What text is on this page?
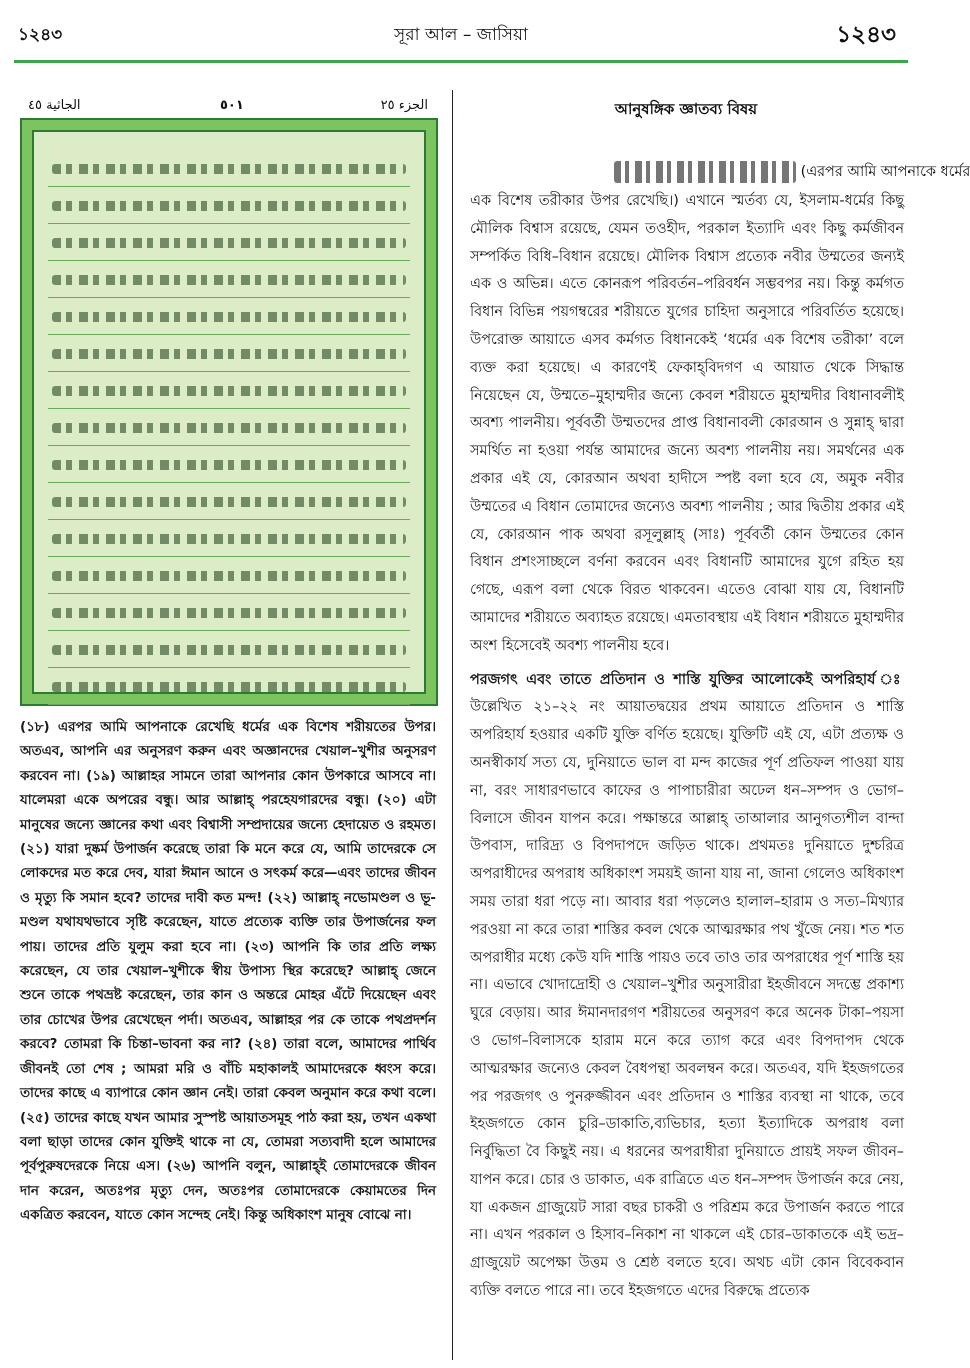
১২৪৩	সূরা আল – জাসিয়া	১২৪৩
الجاثية ٤٥	٥٠١	الجزء ٢٥
(১৮) এরপর আমি আপনাকে রেখেছি ধর্মের এক বিশেষ শরীয়তের উপর। অতএব, আপনি এর অনুসরণ করুন এবং অজ্ঞানদের খেয়াল–খুশীর অনুসরণ করবেন না। (১৯) আল্লাহর সামনে তারা আপনার কোন উপকারে আসবে না। যালেমরা একে অপরের বন্ধু। আর আল্লাহ্ পরহেযগারদের বন্ধু। (২০) এটা মানুষের জন্যে জ্ঞানের কথা এবং বিশ্বাসী সম্প্রদায়ের জন্যে হেদায়েত ও রহমত। (২১) যারা দুষ্কর্ম উপার্জন করেছে তারা কি মনে করে যে, আমি তাদেরকে সে লোকদের মত করে দেব, যারা ঈমান আনে ও সৎকর্ম করে—এবং তাদের জীবন ও মৃত্যু কি সমান হবে? তাদের দাবী কত মন্দ! (২২) আল্লাহ্ নভোমণ্ডল ও ভূ-মণ্ডল যথাযথভাবে সৃষ্টি করেছেন, যাতে প্রত্যেক ব্যক্তি তার উপার্জনের ফল পায়। তাদের প্রতি যুলুম করা হবে না। (২৩) আপনি কি তার প্রতি লক্ষ্য করেছেন, যে তার খেয়াল–খুশীকে স্বীয় উপাস্য স্থির করেছে? আল্লাহ্ জেনে শুনে তাকে পথভ্রষ্ট করেছেন, তার কান ও অন্তরে মোহর এঁটে দিয়েছেন এবং তার চোখের উপর রেখেছেন পর্দা। অতএব, আল্লাহর পর কে তাকে পথপ্রদর্শন করবে? তোমরা কি চিন্তা–ভাবনা কর না? (২৪) তারা বলে, আমাদের পার্থিব জীবনই তো শেষ ; আমরা মরি ও বাঁচি মহাকালই আমাদেরকে ধ্বংস করে। তাদের কাছে এ ব্যাপারে কোন জ্ঞান নেই। তারা কেবল অনুমান করে কথা বলে। (২৫) তাদের কাছে যখন আমার সুস্পষ্ট আয়াতসমূহ পাঠ করা হয়, তখন একথা বলা ছাড়া তাদের কোন যুক্তিই থাকে না যে, তোমরা সত্যবাদী হলে আমাদের পূর্বপুরুষদেরকে নিয়ে এস। (২৬) আপনি বলুন, আল্লাহ্ই তোমাদেরকে জীবন দান করেন, অতঃপর মৃত্যু দেন, অতঃপর তোমাদেরকে কেয়ামতের দিন একত্রিত করবেন, যাতে কোন সন্দেহ নেই। কিন্তু অধিকাংশ মানুষ বোঝে না।
আনুষঙ্গিক জ্ঞাতব্য বিষয়
(এরপর আমি আপনাকে ধর্মের

এক বিশেষ তরীকার উপর রেখেছি।) এখানে স্মর্তব্য যে, ইসলাম-ধর্মের কিছু মৌলিক বিশ্বাস রয়েছে, যেমন তওহীদ, পরকাল ইত্যাদি এবং কিছু কর্মজীবন সম্পর্কিত বিধি–বিধান রয়েছে। মৌলিক বিশ্বাস প্রত্যেক নবীর উম্মতের জন্যই এক ও অভিন্ন। এতে কোনরূপ পরিবর্তন–পরিবর্ধন সম্ভবপর নয়। কিন্তু কর্মগত বিধান বিভিন্ন পয়গম্বরের শরীয়তে যুগের চাহিদা অনুসারে পরিবর্তিত হয়েছে। উপরোক্ত আয়াতে এসব কর্মগত বিধানকেই ‘ধর্মের এক বিশেষ তরীকা’ বলে ব্যক্ত করা হয়েছে। এ কারণেই ফেকাহ্‌বিদগণ এ আয়াত থেকে সিদ্ধান্ত নিয়েছেন যে, উম্মতে–মুহাম্মদীর জন্যে কেবল শরীয়তে মুহাম্মদীর বিধানাবলীই অবশ্য পালনীয়। পূর্ববর্তী উম্মতদের প্রাপ্ত বিধানাবলী কোরআন ও সুন্নাহ্ দ্বারা সমর্থিত না হওয়া পর্যন্ত আমাদের জন্যে অবশ্য পালনীয় নয়। সমর্থনের এক প্রকার এই যে, কোরআন অথবা হাদীসে স্পষ্ট বলা হবে যে, অমুক নবীর উম্মতের এ বিধান তোমাদের জন্যেও অবশ্য পালনীয় ; আর দ্বিতীয় প্রকার এই যে, কোরআন পাক অথবা রসূলুল্লাহ্ (সাঃ) পূর্ববর্তী কোন উম্মতের কোন বিধান প্রশংসাচ্ছলে বর্ণনা করবেন এবং বিধানটি আমাদের যুগে রহিত হয় গেছে, এরূপ বলা থেকে বিরত থাকবেন। এতেও বোঝা যায় যে, বিধানটি আমাদের শরীয়তে অব্যাহত রয়েছে। এমতাবস্থায় এই বিধান শরীয়তে মুহাম্মদীর অংশ হিসেবেই অবশ্য পালনীয় হবে।

পরজগৎ এবং তাতে প্রতিদান ও শাস্তি যুক্তির আলোকেই অপরিহার্য ঃ উল্লেখিত ২১–২২ নং আয়াতদ্বয়ের প্রথম আয়াতে প্রতিদান ও শাস্তি অপরিহার্য হওয়ার একটি যুক্তি বর্ণিত হয়েছে। যুক্তিটি এই যে, এটা প্রত্যক্ষ ও অনস্বীকার্য সত্য যে, দুনিয়াতে ভাল বা মন্দ কাজের পূর্ণ প্রতিফল পাওয়া যায় না, বরং সাধারণভাবে কাফের ও পাপাচারীরা অঢেল ধন–সম্পদ ও ভোগ–বিলাসে জীবন যাপন করে। পক্ষান্তরে আল্লাহ্ তাআলার আনুগত্যশীল বান্দা উপবাস, দারিদ্র্য ও বিপদাপদে জড়িত থাকে। প্রথমতঃ দুনিয়াতে দুশ্চরিত্র অপরাধীদের অপরাধ অধিকাংশ সময়ই জানা যায় না, জানা গেলেও অধিকাংশ সময় তারা ধরা পড়ে না। আবার ধরা পড়লেও হালাল–হারাম ও সত্য–মিথ্যার পরওয়া না করে তারা শাস্তির কবল থেকে আত্মরক্ষার পথ খুঁজে নেয়। শত শত অপরাধীর মধ্যে কেউ যদি শাস্তি পায়ও তবে তাও তার অপরাধের পূর্ণ শাস্তি হয় না। এভাবে খোদাদ্রোহী ও খেয়াল–খুশীর অনুসারীরা ইহজীবনে সদম্ভে প্রকাশ্য ঘুরে বেড়ায়। আর ঈমানদারগণ শরীয়তের অনুসরণ করে অনেক টাকা–পয়সা ও ভোগ–বিলাসকে হারাম মনে করে ত্যাগ করে এবং বিপদাপদ থেকে আত্মরক্ষার জন্যেও কেবল বৈধপন্থা অবলম্বন করে। অতএব, যদি ইহজগতের পর পরজগৎ ও পুনরুজ্জীবন এবং প্রতিদান ও শাস্তির ব্যবস্থা না থাকে, তবে ইহজগতে কোন চুরি–ডাকাতি,ব্যভিচার, হত্যা ইত্যাদিকে অপরাধ বলা নির্বুদ্ধিতা বৈ কিছুই নয়। এ ধরনের অপরাধীরা দুনিয়াতে প্রায়ই সফল জীবন–যাপন করে। চোর ও ডাকাত, এক রাত্রিতে এত ধন–সম্পদ উপার্জন করে নেয়, যা একজন গ্রাজুয়েট সারা বছর চাকরী ও পরিশ্রম করে উপার্জন করতে পারে না। এখন পরকাল ও হিসাব–নিকাশ না থাকলে এই চোর–ডাকাতকে এই ভদ্র–গ্রাজুয়েট অপেক্ষা উত্তম ও শ্রেষ্ঠ বলতে হবে। অথচ এটা কোন বিবেকবান ব্যক্তি বলতে পারে না। তবে ইহজগতে এদের বিরুদ্ধে প্রত্যেক
